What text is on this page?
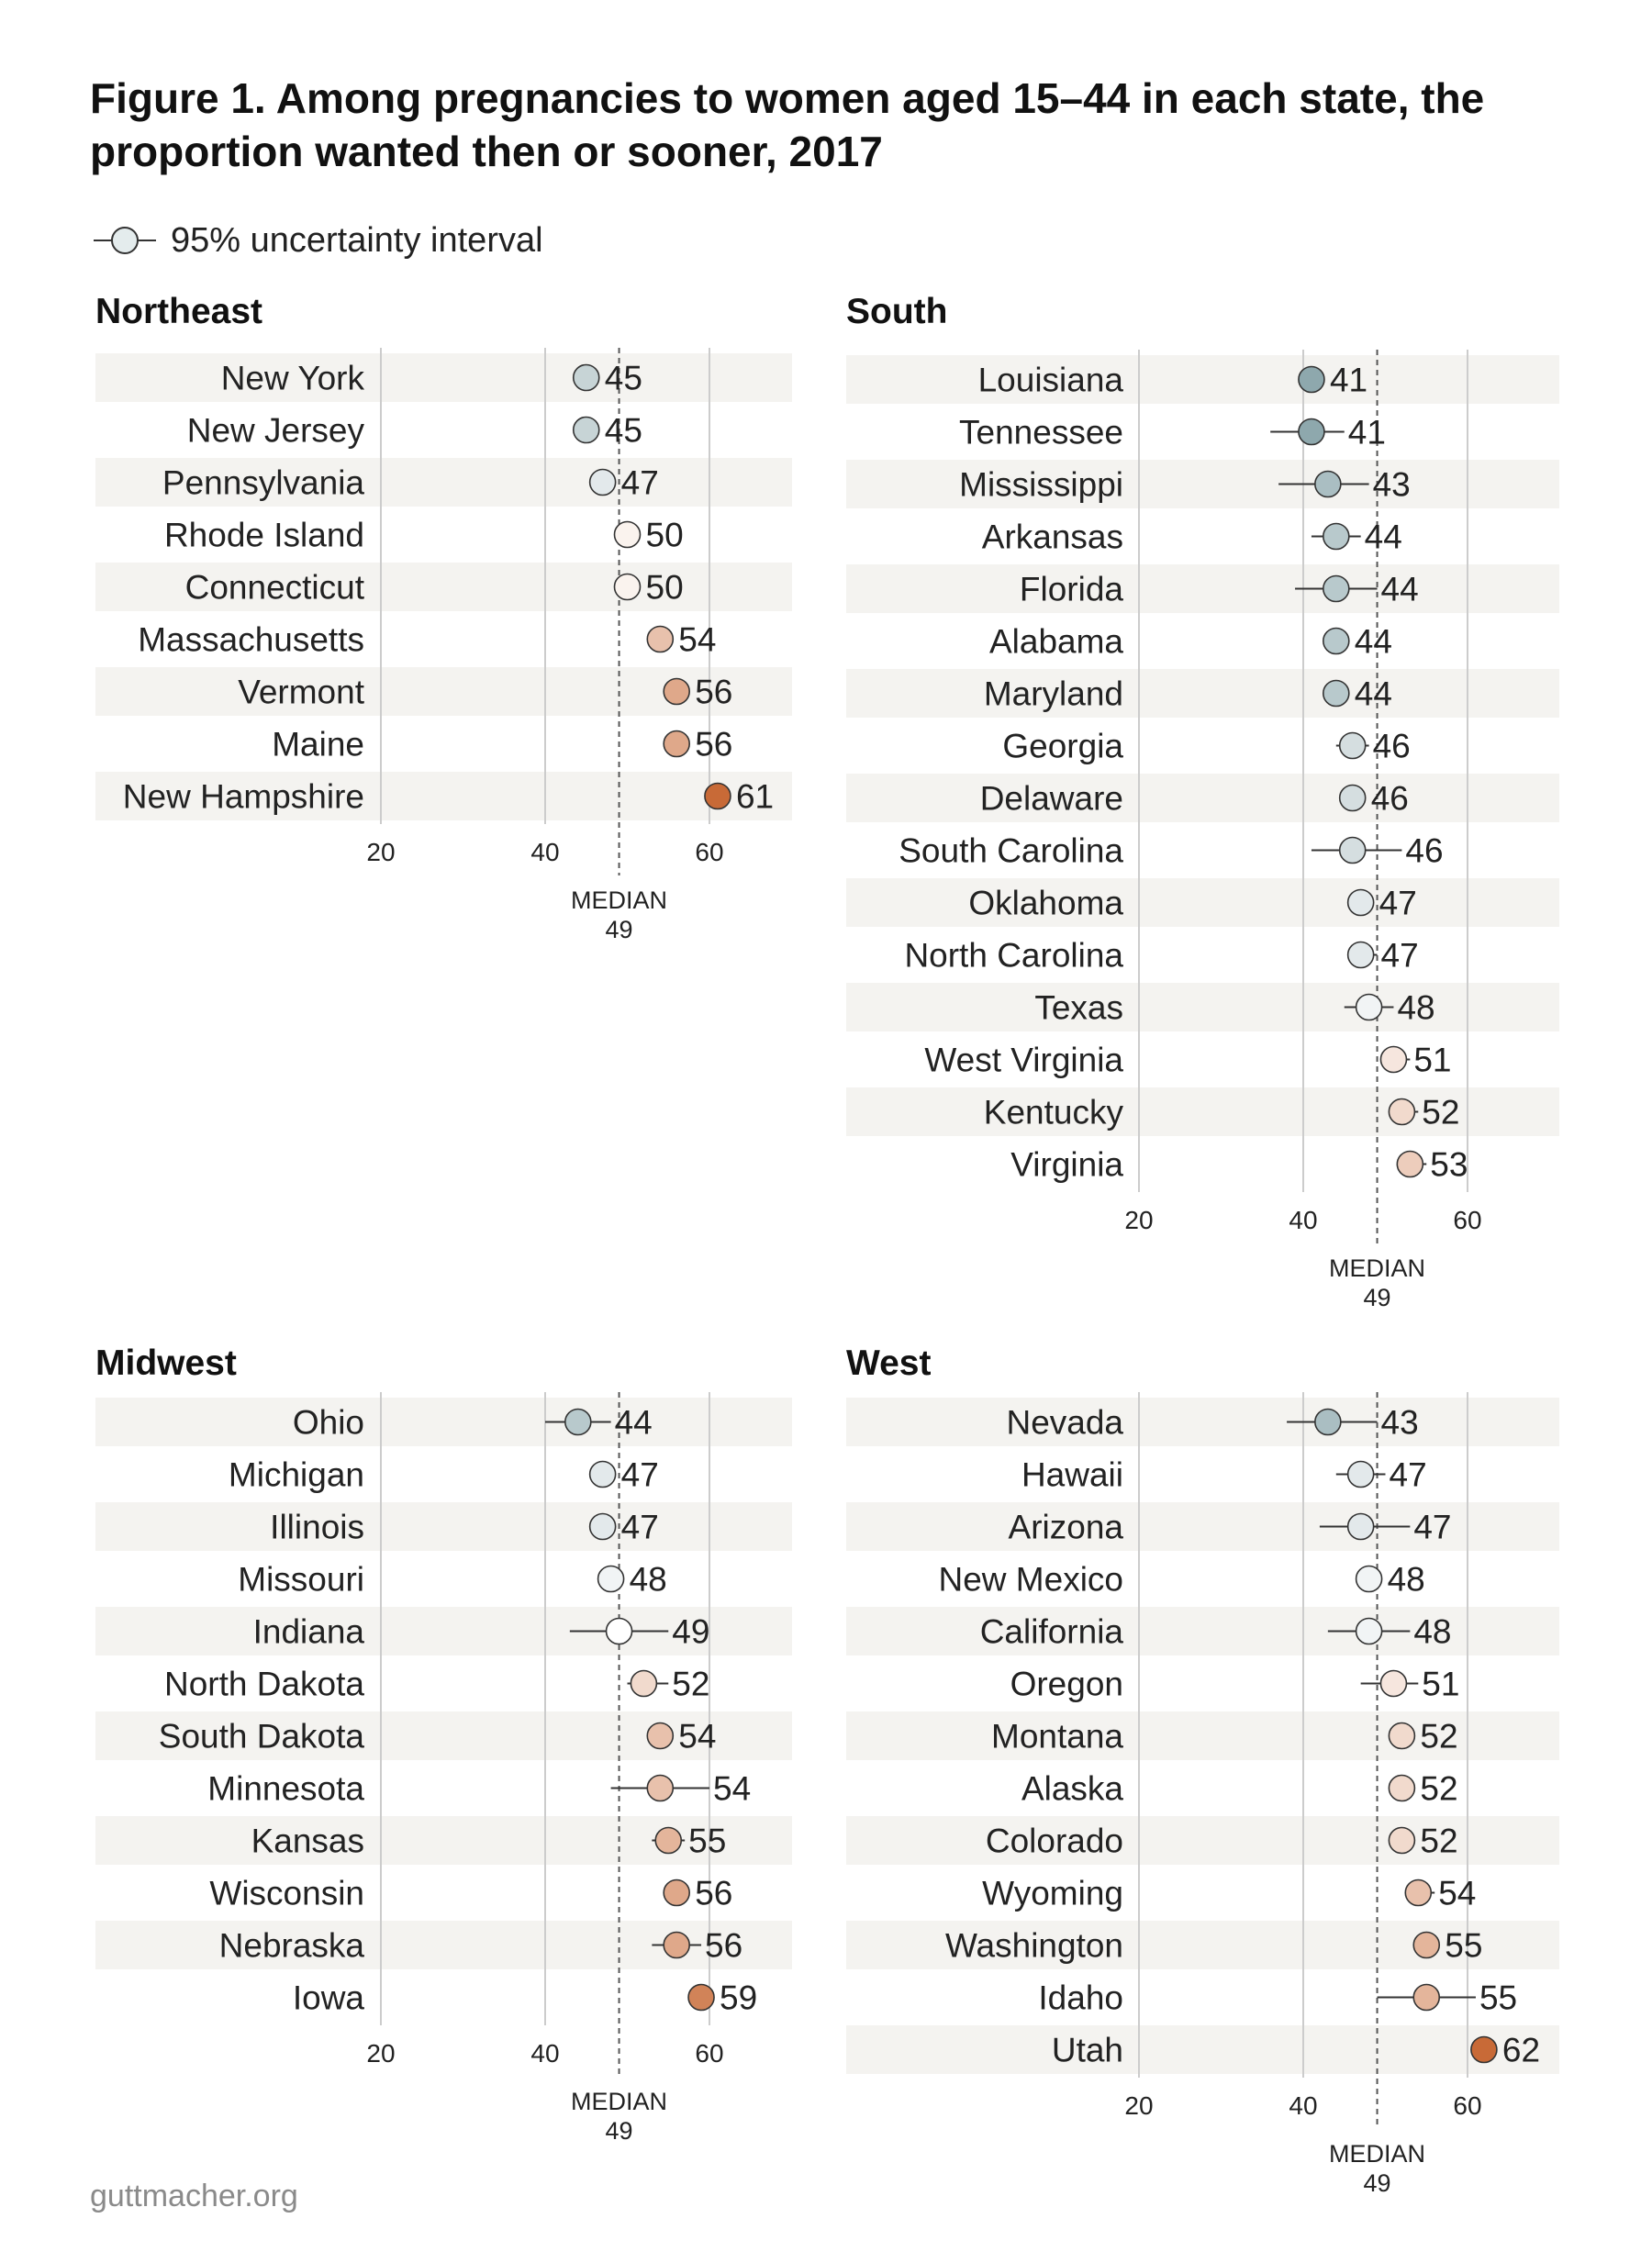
Figure 1. Among pregnancies to women aged 15–44 in each state, the proportion wanted then or sooner, 2017
95% uncertainty interval
Northeast
20	40	60
MEDIAN
49
New York	45
New Jersey	45
Pennsylvania	47
Rhode Island	50
Connecticut	50
Massachusetts	54
Vermont	56
Maine	56
New Hampshire	61
South
20	40	60
MEDIAN
49
Louisiana	41
Tennessee	41
Mississippi	43
Arkansas	44
Florida	44
Alabama	44
Maryland	44
Georgia	46
Delaware	46
South Carolina	46
Oklahoma	47
North Carolina	47
Texas	48
West Virginia	51
Kentucky	52
Virginia	53
Midwest
20	40	60
MEDIAN
49
Ohio	44
Michigan	47
Illinois	47
Missouri	48
Indiana	49
North Dakota	52
South Dakota	54
Minnesota	54
Kansas	55
Wisconsin	56
Nebraska	56
Iowa	59
West
20	40	60
MEDIAN
49
Nevada	43
Hawaii	47
Arizona	47
New Mexico	48
California	48
Oregon	51
Montana	52
Alaska	52
Colorado	52
Wyoming	54
Washington	55
Idaho	55
Utah	62
guttmacher.org
